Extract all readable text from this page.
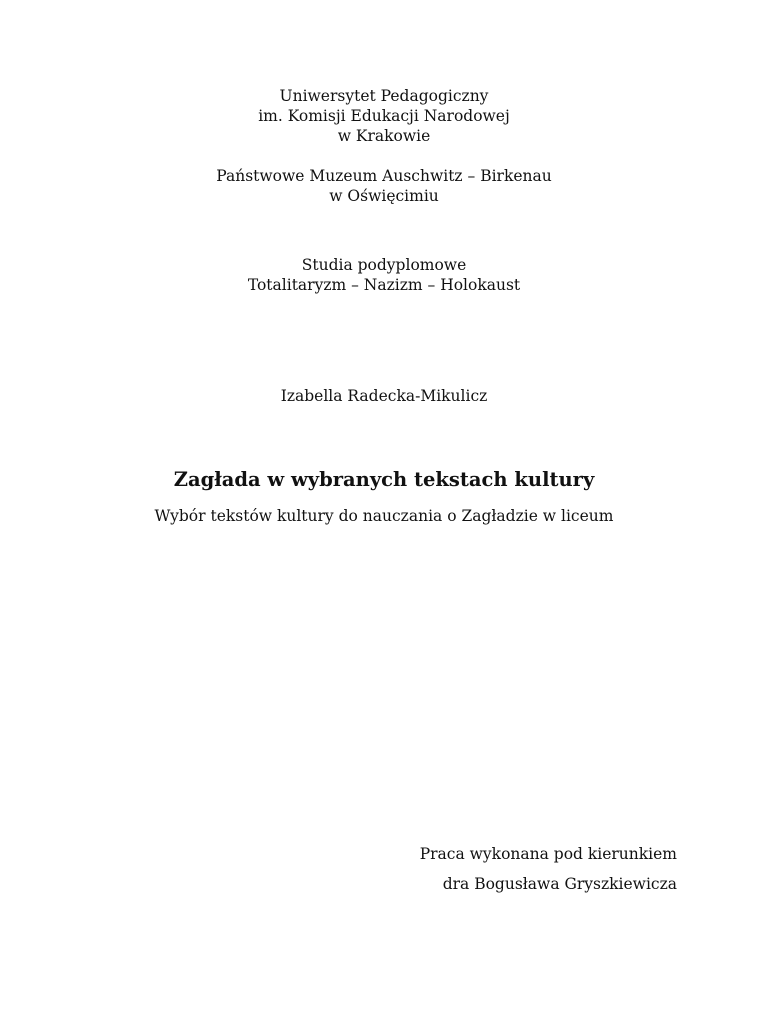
Uniwersytet Pedagogiczny
im. Komisji Edukacji Narodowej
w Krakowie
Państwowe Muzeum Auschwitz – Birkenau
w Oświęcimiu
Studia podyplomowe
Totalitaryzm – Nazizm – Holokaust
Izabella Radecka-Mikulicz
Zagłada w wybranych tekstach kultury
Wybór tekstów kultury do nauczania o Zagładzie w liceum
Praca wykonana pod kierunkiem
dra Bogusława Gryszkiewicza
